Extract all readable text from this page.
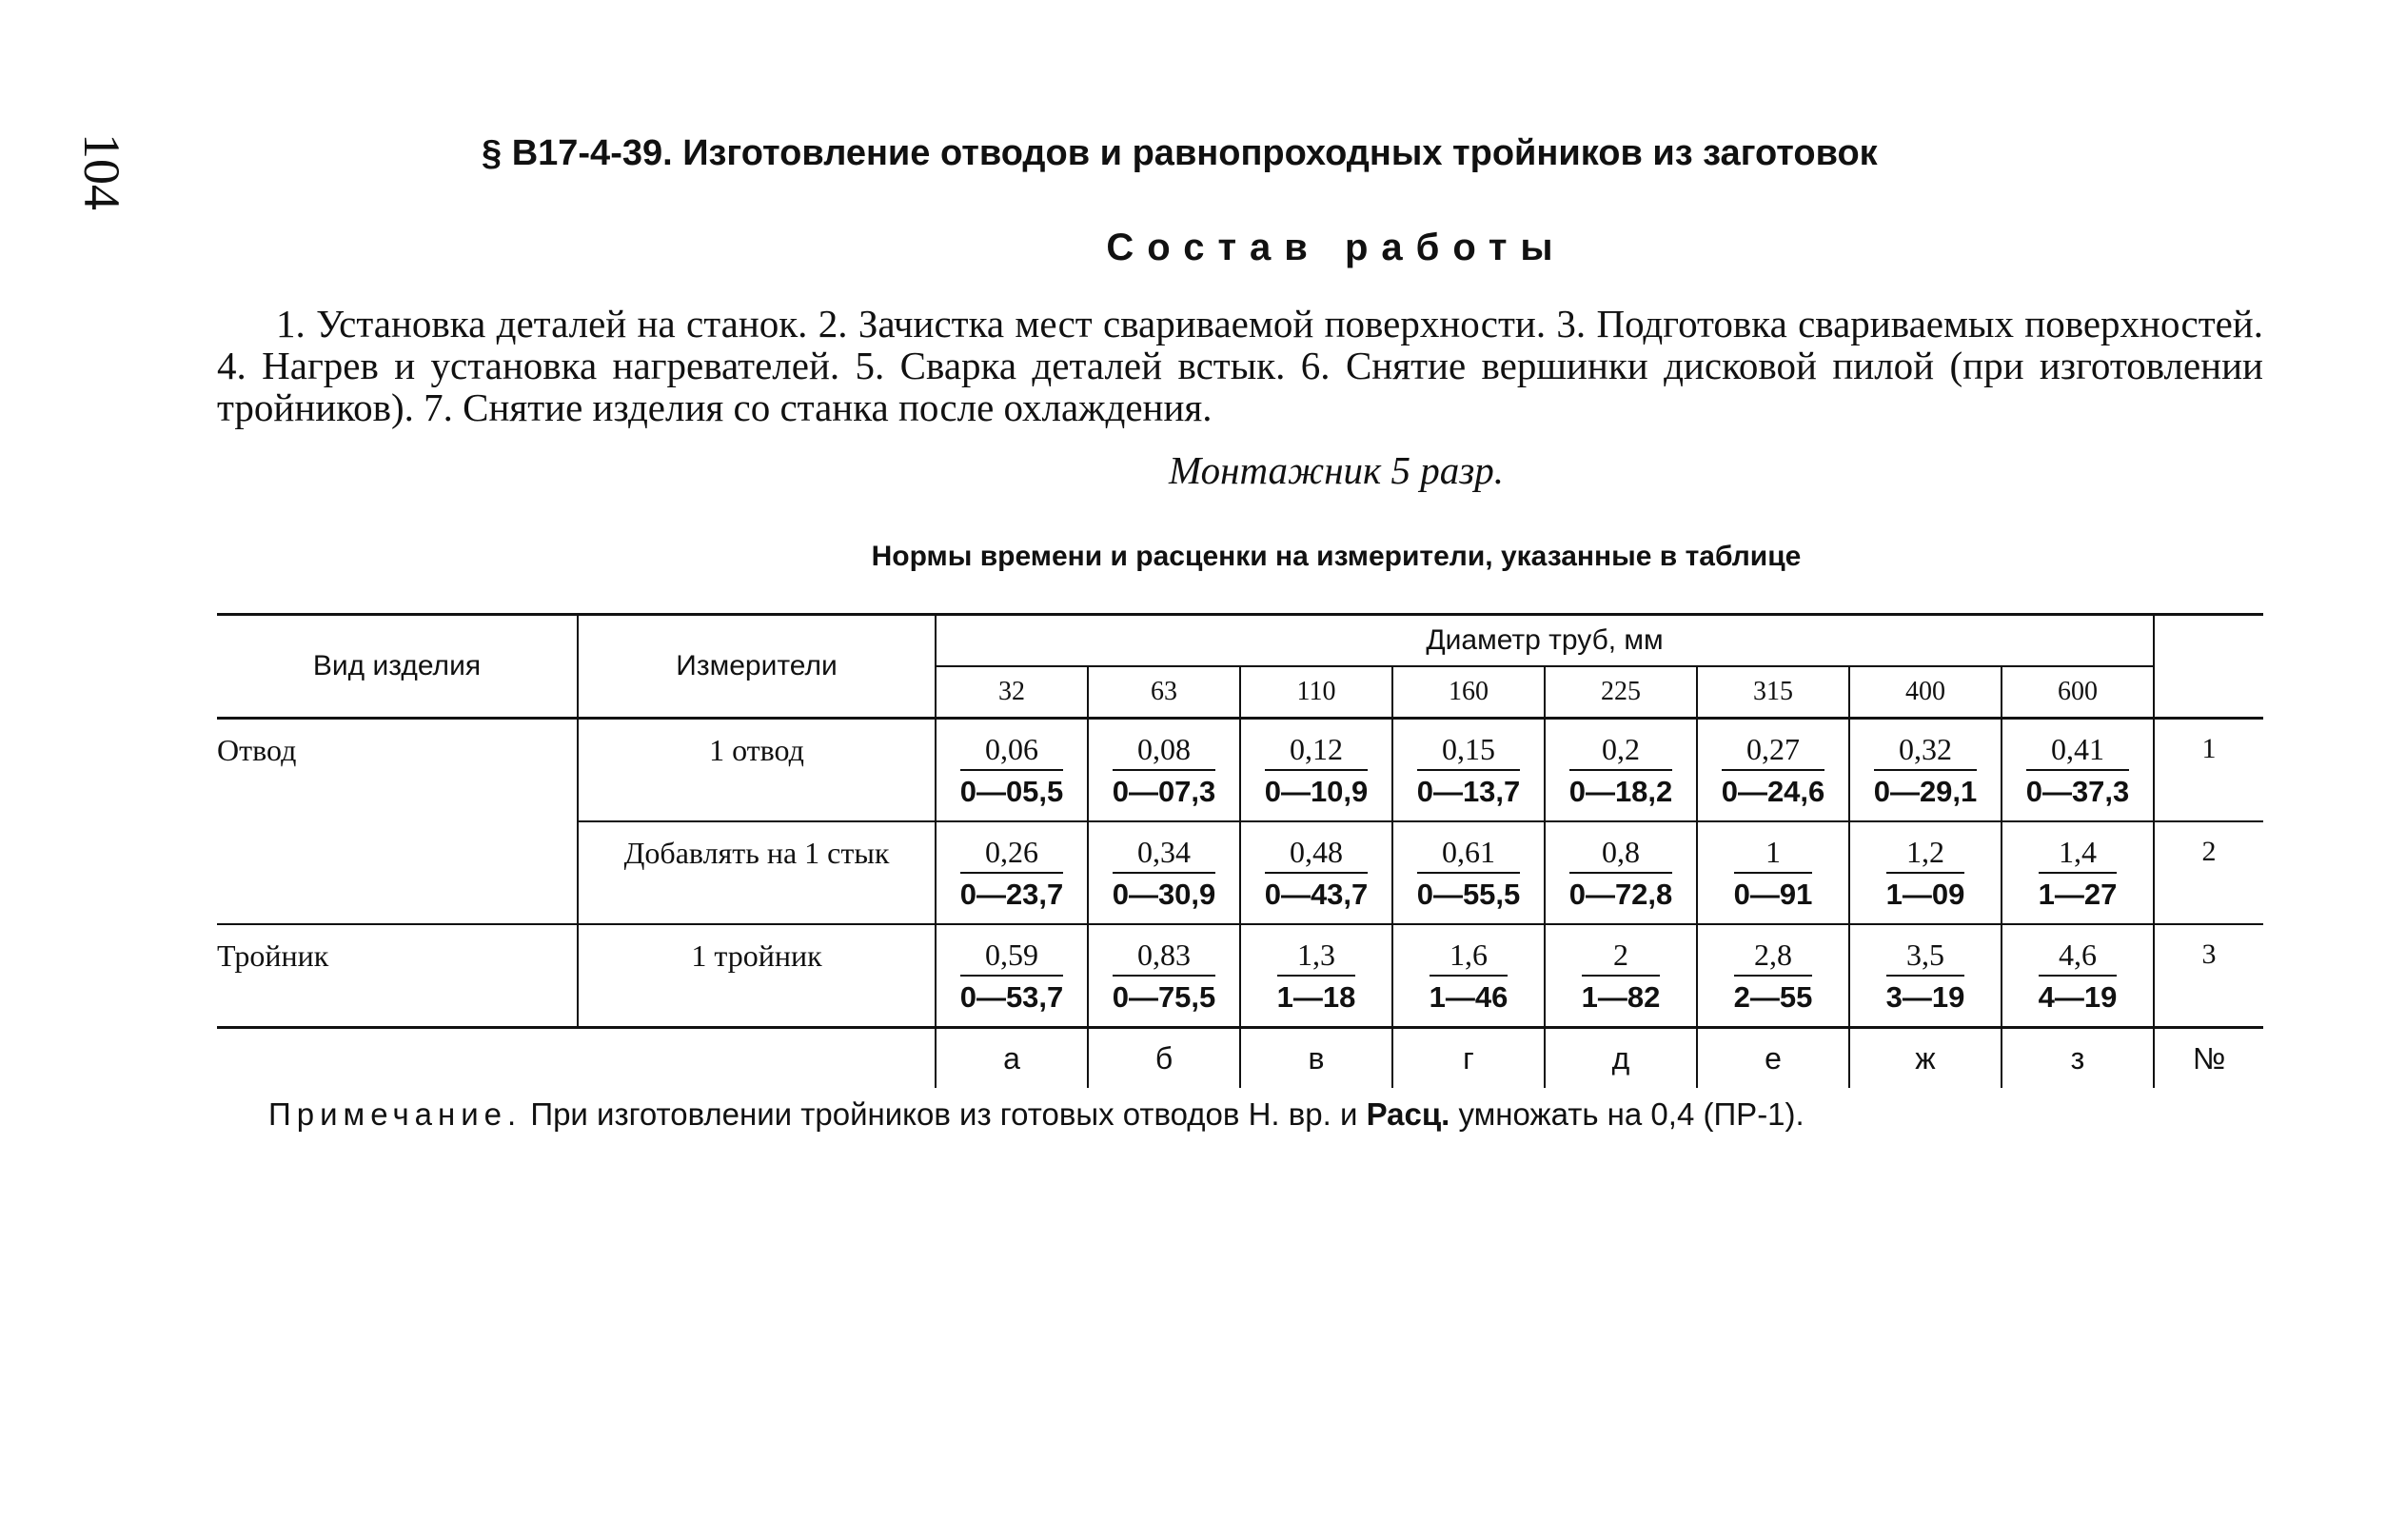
104	§ В17-4-39. Изготовление отводов и равнопроходных тройников из заготовок
Состав работы
1. Установка деталей на станок. 2. Зачистка мест свариваемой поверхности. 3. Подготовка свариваемых поверхностей. 4. Нагрев и установка нагревателей. 5. Сварка деталей встык. 6. Снятие вершинки дисковой пилой (при изготовлении тройников). 7. Снятие изделия со станка после охлаждения.
Монтажник 5 разр.
Нормы времени и расценки на измерители, указанные в таблице
Вид изделия	Измерители	Диаметр труб, мм								
		32	63	110	160	225	315	400	600	
Отвод	1 отвод	$\frac{0,06}{0—05,5}$	$\frac{0,08}{0—07,3}$	$\frac{0,12}{0—10,9}$	$\frac{0,15}{0—13,7}$	$\frac{0,2}{0—18,2}$	$\frac{0,27}{0—24,6}$	$\frac{0,32}{0—29,1}$	$\frac{0,41}{0—37,3}$	1
	Добавлять на 1 стык	$\frac{0,26}{0—23,7}$	$\frac{0,34}{0—30,9}$	$\frac{0,48}{0—43,7}$	$\frac{0,61}{0—55,5}$	$\frac{0,8}{0—72,8}$	$\frac{1}{0—91}$	$\frac{1,2}{1—09}$	$\frac{1,4}{1—27}$	2
Тройник	1 тройник	$\frac{0,59}{0—53,7}$	$\frac{0,83}{0—75,5}$	$\frac{1,3}{1—18}$	$\frac{1,6}{1—46}$	$\frac{2}{1—82}$	$\frac{2,8}{2—55}$	$\frac{3,5}{3—19}$	$\frac{4,6}{4—19}$	3
		а	б	в	г	д	е	ж	з	№
Примечание. При изготовлении тройников из готовых отводов Н. вр. и Расц. умножать на 0,4 (ПР-1).
